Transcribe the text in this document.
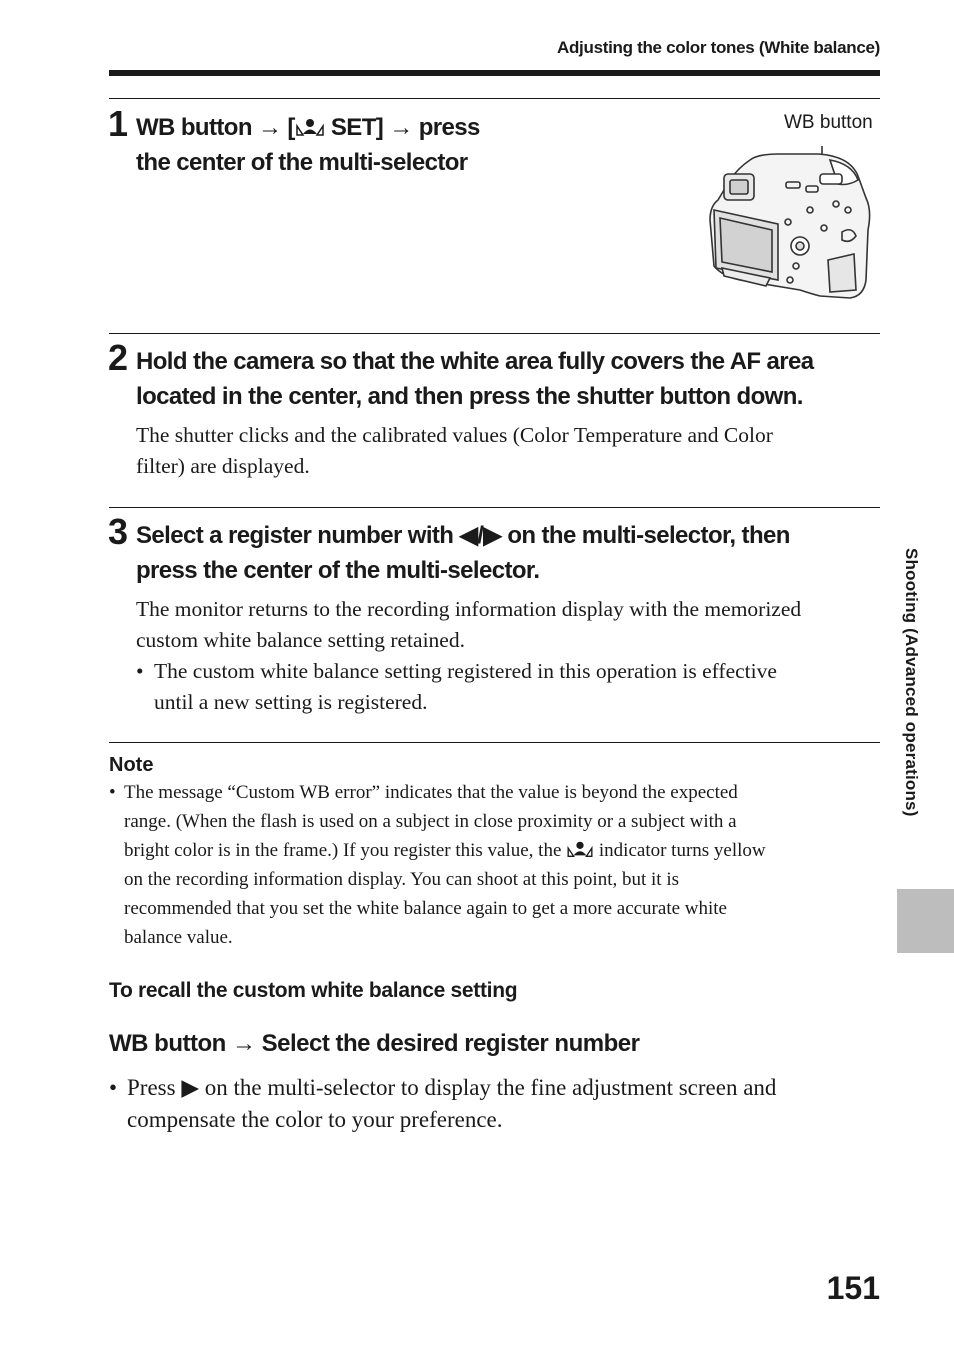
Adjusting the color tones (White balance)
1 WB button → [ SET] → press
the center of the multi-selector
WB button
2 Hold the camera so that the white area fully covers the AF area
located in the center, and then press the shutter button down.
The shutter clicks and the calibrated values (Color Temperature and Color
filter) are displayed.
3 Select a register number with ◀/▶ on the multi-selector, then
press the center of the multi-selector.
The monitor returns to the recording information display with the memorized
custom white balance setting retained.
• The custom white balance setting registered in this operation is effective
until a new setting is registered.
Note
• The message “Custom WB error” indicates that the value is beyond the expected
range. (When the flash is used on a subject in close proximity or a subject with a
bright color is in the frame.) If you register this value, the  indicator turns yellow
on the recording information display. You can shoot at this point, but it is
recommended that you set the white balance again to get a more accurate white
balance value.
To recall the custom white balance setting
WB button → Select the desired register number
• Press ▶ on the multi-selector to display the fine adjustment screen and
compensate the color to your preference.
Shooting (Advanced operations)
151
